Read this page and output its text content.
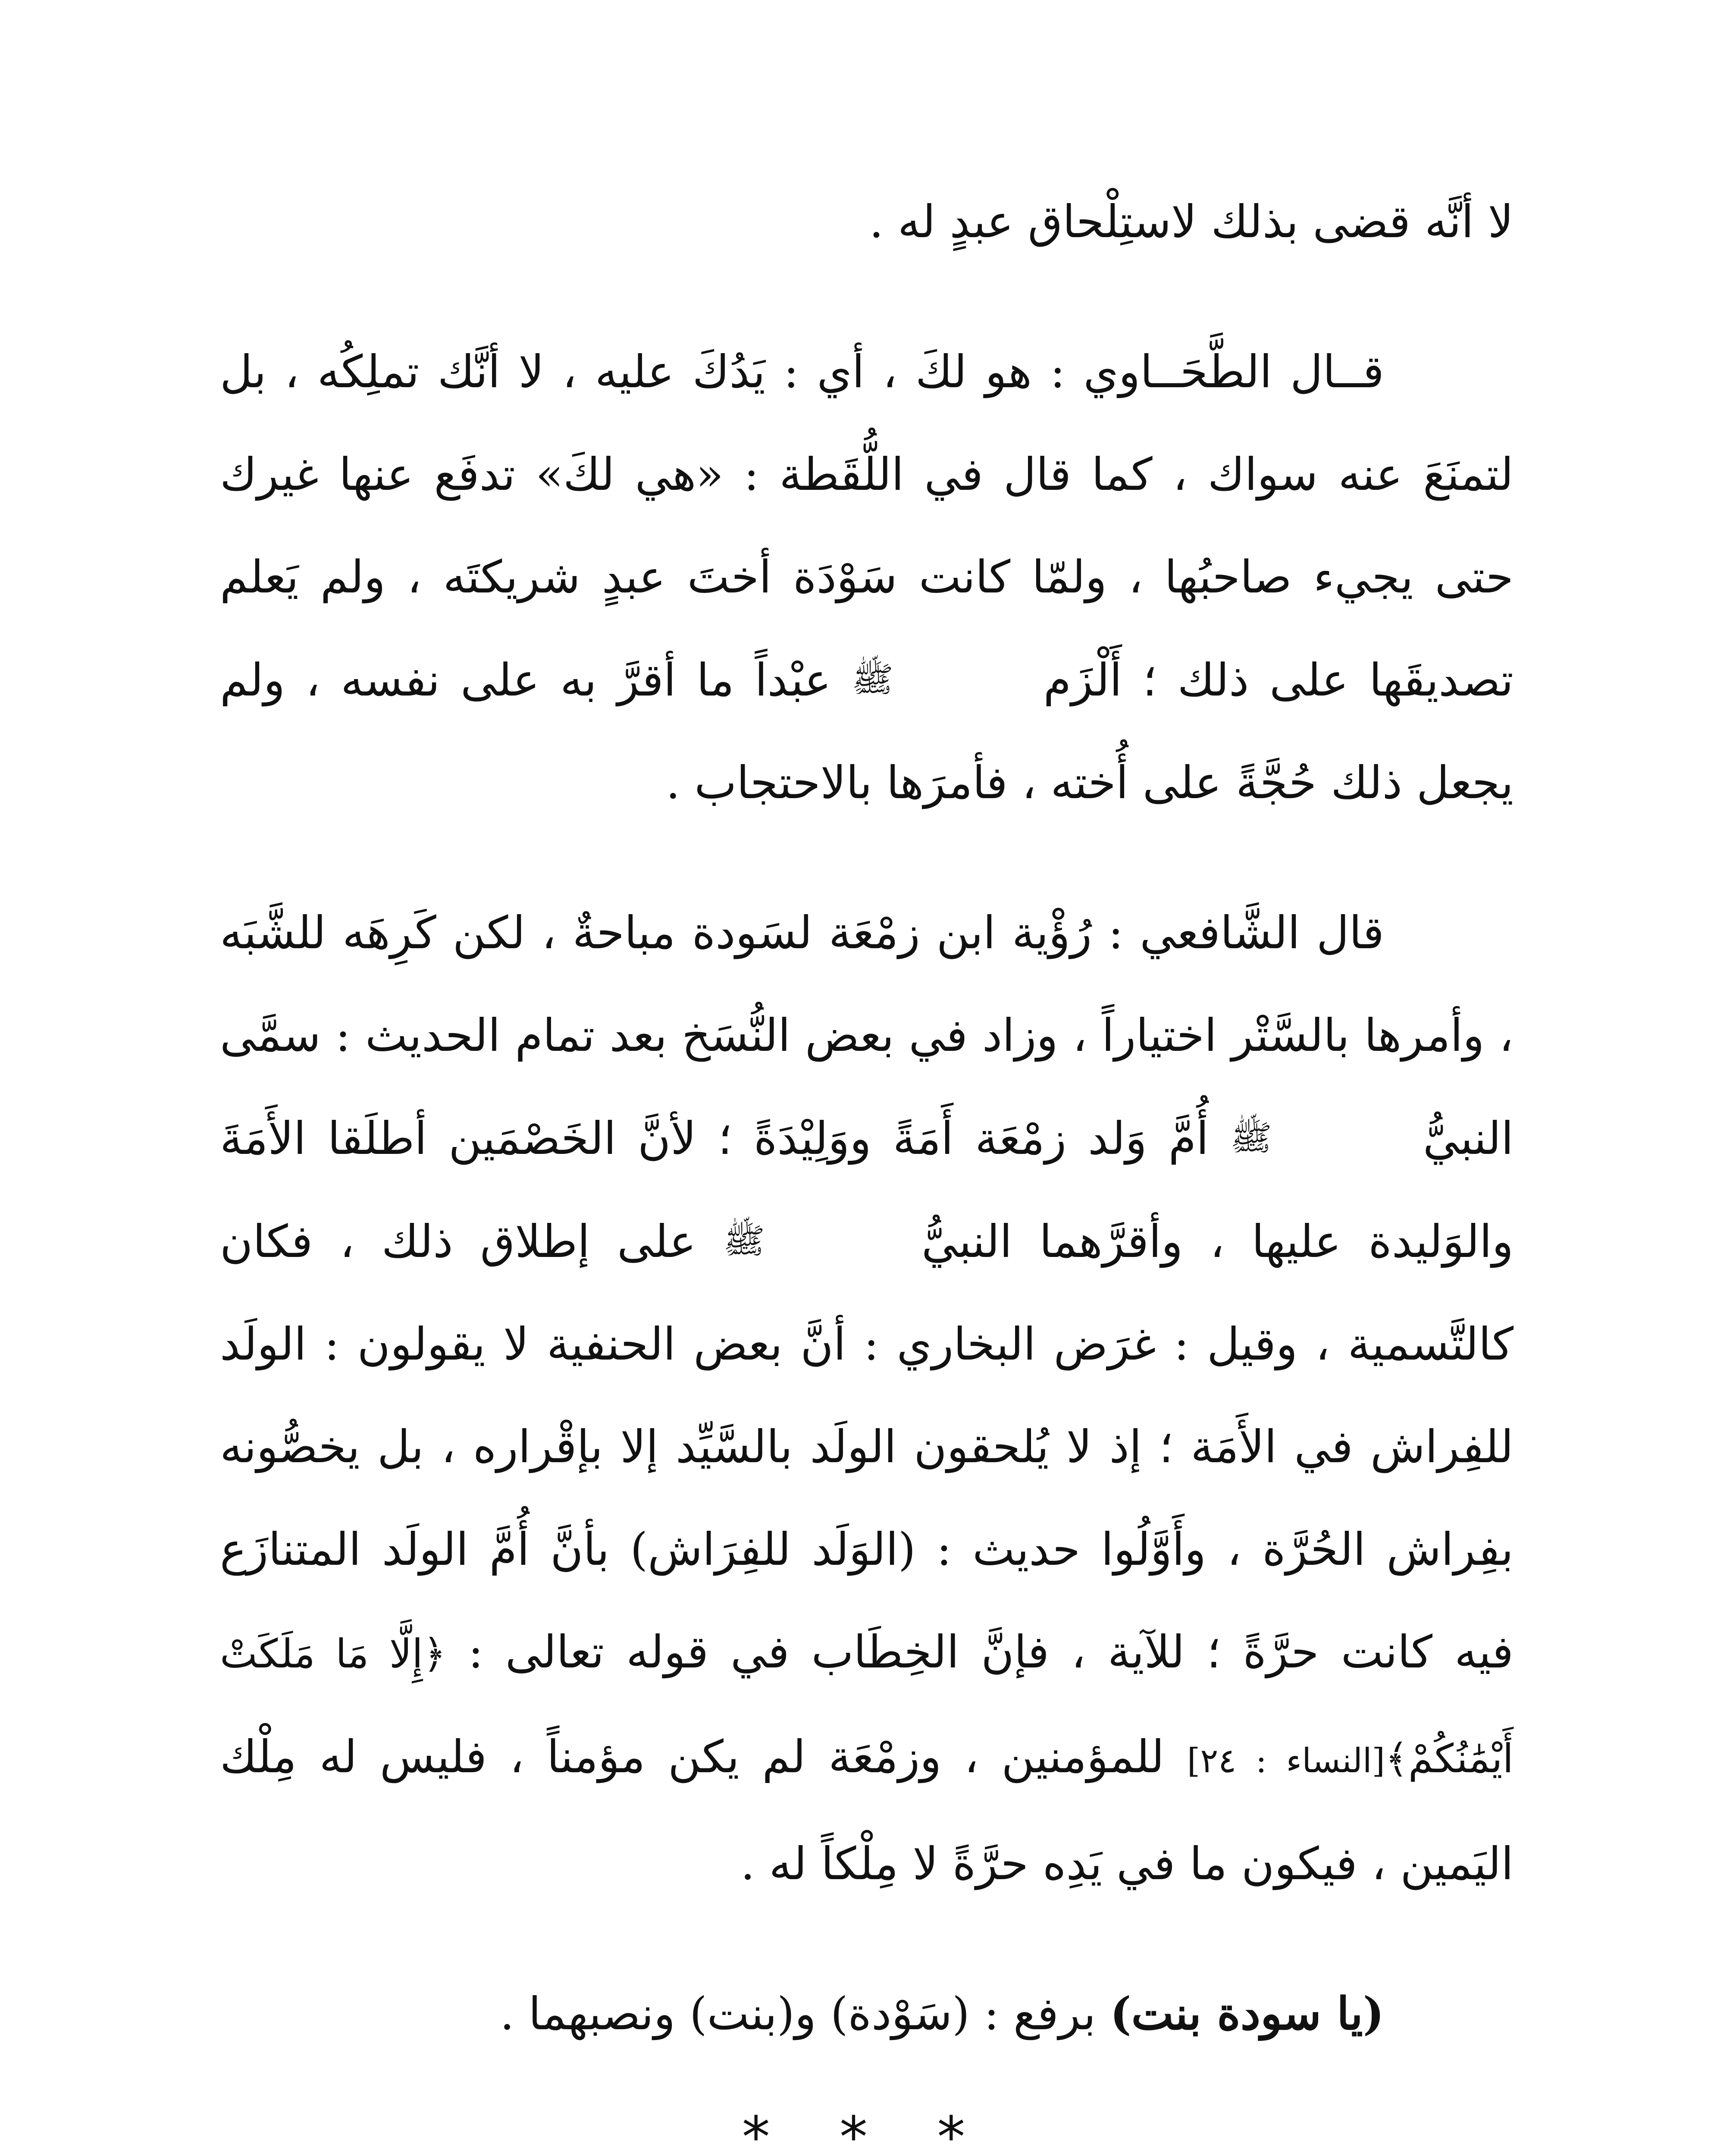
لا أنَّه قضى بذلك لاستِلْحاق عبدٍ له .

قــال الطَّحَــاوي : هو لكَ ، أي : يَدُكَ عليه ، لا أنَّك تملِكُه ، بل لتمنَعَ عنه سواك ، كما قال في اللُّقَطة : «هي لكَ» تدفَع عنها غيرك حتى يجيء صاحبُها ، ولمّا كانت سَوْدَة أختَ عبدٍ شريكتَه ، ولم يَعلم تصديقَها على ذلك ؛ أَلْزَم ﷺ عبْداً ما أقرَّ به على نفسه ، ولم يجعل ذلك حُجَّةً على أُخته ، فأمرَها بالاحتجاب .

قال الشَّافعي : رُؤْية ابن زمْعَة لسَودة مباحةٌ ، لكن كَرِهَه للشَّبَه ، وأمرها بالسَّتْر اختياراً ، وزاد في بعض النُّسَخ بعد تمام الحديث : سمَّى النبيُّ ﷺ أُمَّ وَلد زمْعَة أَمَةً ووَلِيْدَةً ؛ لأنَّ الخَصْمَين أطلَقا الأَمَةَ والوَليدة عليها ، وأقرَّهما النبيُّ ﷺ على إطلاق ذلك ، فكان كالتَّسمية ، وقيل : غرَض البخاري : أنَّ بعض الحنفية لا يقولون : الولَد للفِراش في الأَمَة ؛ إذ لا يُلحقون الولَد بالسَّيِّد إلا بإقْراره ، بل يخصُّونه بفِراش الحُرَّة ، وأَوَّلُوا حديث : (الوَلَد للفِرَاش) بأنَّ أُمَّ الولَد المتنازَع فيه كانت حرَّةً ؛ للآية ، فإنَّ الخِطَاب في قوله تعالى : ﴿إِلَّا مَا مَلَكَتْ أَيْمَٰنُكُمْ﴾[النساء : ٢٤] للمؤمنين ، وزمْعَة لم يكن مؤمناً ، فليس له مِلْك اليَمين ، فيكون ما في يَدِه حرَّةً لا مِلْكاً له .

(يا سودة بنت) برفع : (سَوْدة) و(بنت) ونصبهما .

* * *
